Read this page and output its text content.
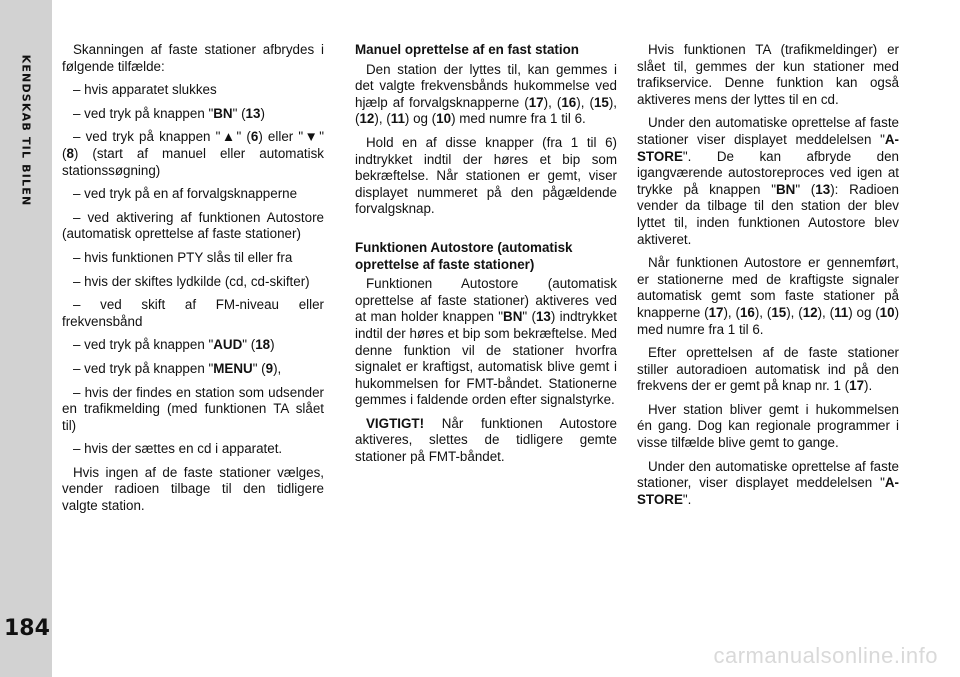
KENDSKAB TIL BILEN
184

Skanningen af faste stationer afbrydes i følgende tilfælde:

– hvis apparatet slukkes

– ved tryk på knappen "BN" (13)

– ved tryk på knappen "▲" (6) eller "▼" (8) (start af manuel eller automatisk stationssøgning)

– ved tryk på en af forvalgsknapperne

– ved aktivering af funktionen Autostore (automatisk oprettelse af faste stationer)

– hvis funktionen PTY slås til eller fra

– hvis der skiftes lydkilde (cd, cd-skifter)

– ved skift af FM-niveau eller frekvensbånd

– ved tryk på knappen "AUD" (18)

– ved tryk på knappen "MENU" (9),

– hvis der findes en station som udsender en trafikmelding (med funktionen TA slået til)

– hvis der sættes en cd i apparatet.

Hvis ingen af de faste stationer vælges, vender radioen tilbage til den tidligere valgte station.

Manuel oprettelse af en fast station

Den station der lyttes til, kan gemmes i det valgte frekvensbånds hukommelse ved hjælp af forvalgsknapperne (17), (16), (15), (12), (11) og (10) med numre fra 1 til 6.

Hold en af disse knapper (fra 1 til 6) indtrykket indtil der høres et bip som bekræftelse. Når stationen er gemt, viser displayet nummeret på den pågældende forvalgsknap.

Funktionen Autostore (automatisk oprettelse af faste stationer)

Funktionen Autostore (automatisk oprettelse af faste stationer) aktiveres ved at man holder knappen "BN" (13) indtrykket indtil der høres et bip som bekræftelse. Med denne funktion vil de stationer hvorfra signalet er kraftigst, automatisk blive gemt i hukommelsen for FMT-båndet. Stationerne gemmes i faldende orden efter signalstyrke.

VIGTIGT! Når funktionen Autostore aktiveres, slettes de tidligere gemte stationer på FMT-båndet.

Hvis funktionen TA (trafikmeldinger) er slået til, gemmes der kun stationer med trafikservice. Denne funktion kan også aktiveres mens der lyttes til en cd.

Under den automatiske oprettelse af faste stationer viser displayet meddelelsen "A-STORE". De kan afbryde den igangværende autostoreproces ved igen at trykke på knappen "BN" (13): Radioen vender da tilbage til den station der blev lyttet til, inden funktionen Autostore blev aktiveret.

Når funktionen Autostore er gennemført, er stationerne med de kraftigste signaler automatisk gemt som faste stationer på knapperne (17), (16), (15), (12), (11) og (10) med numre fra 1 til 6.

Efter oprettelsen af de faste stationer stiller autoradioen automatisk ind på den frekvens der er gemt på knap nr. 1 (17).

Hver station bliver gemt i hukommelsen én gang. Dog kan regionale programmer i visse tilfælde blive gemt to gange.

Under den automatiske oprettelse af faste stationer, viser displayet meddelelsen "A-STORE".

carmanualsonline.info
